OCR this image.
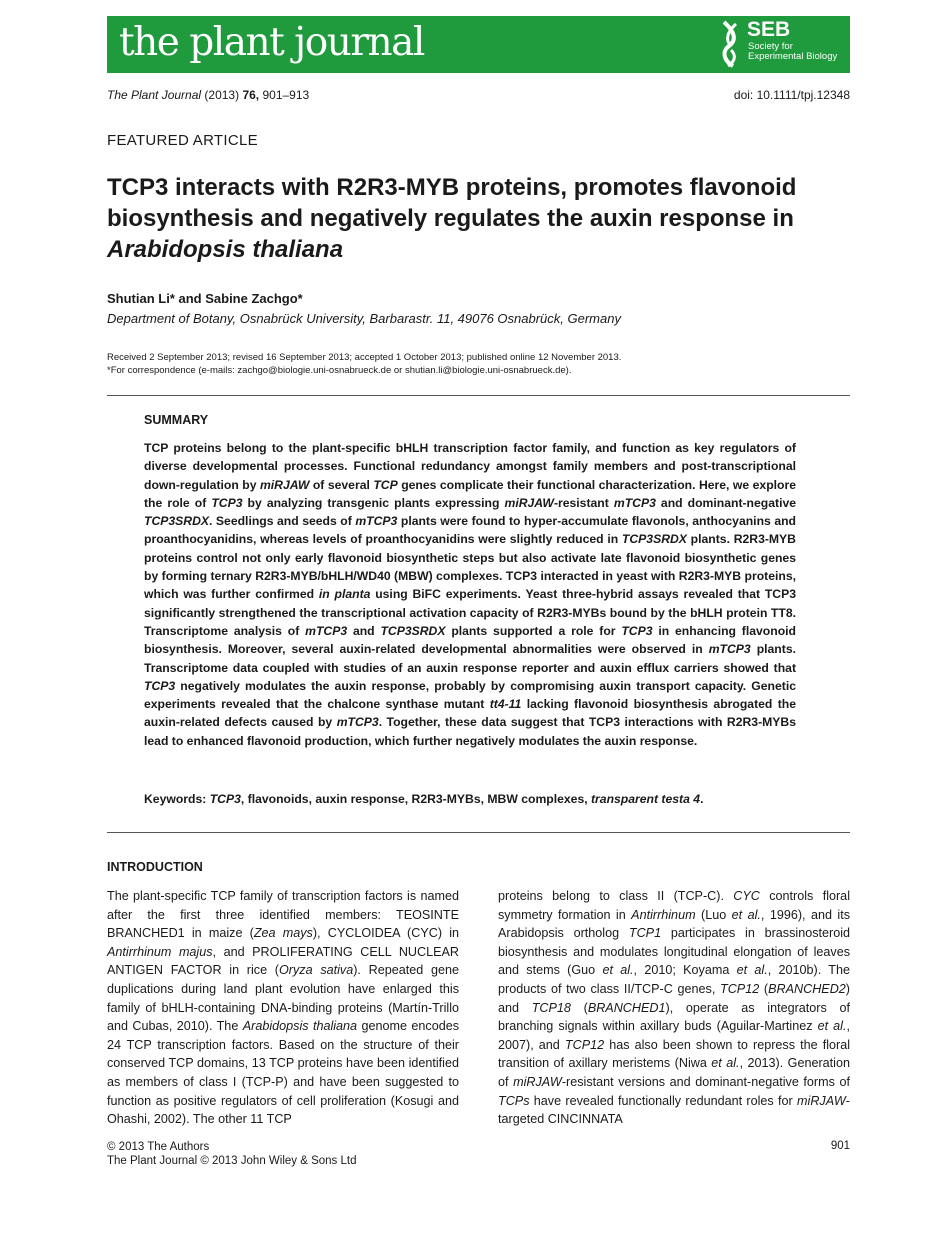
the plant journal	SEB
Society for
Experimental Biology
The Plant Journal (2013) 76, 901–913	doi: 10.1111/tpj.12348
FEATURED ARTICLE
TCP3 interacts with R2R3-MYB proteins, promotes flavonoid biosynthesis and negatively regulates the auxin response in Arabidopsis thaliana
Shutian Li* and Sabine Zachgo*
Department of Botany, Osnabrück University, Barbarastr. 11, 49076 Osnabrück, Germany
Received 2 September 2013; revised 16 September 2013; accepted 1 October 2013; published online 12 November 2013.
*For correspondence (e-mails: zachgo@biologie.uni-osnabrueck.de or shutian.li@biologie.uni-osnabrueck.de).
SUMMARY
TCP proteins belong to the plant-specific bHLH transcription factor family, and function as key regulators of diverse developmental processes. Functional redundancy amongst family members and post-transcriptional down-regulation by miRJAW of several TCP genes complicate their functional characterization. Here, we explore the role of TCP3 by analyzing transgenic plants expressing miRJAW-resistant mTCP3 and dominant-negative TCP3SRDX. Seedlings and seeds of mTCP3 plants were found to hyper-accumulate flavonols, anthocyanins and proanthocyanidins, whereas levels of proanthocyanidins were slightly reduced in TCP3SRDX plants. R2R3-MYB proteins control not only early flavonoid biosynthetic steps but also activate late flavonoid biosynthetic genes by forming ternary R2R3-MYB/bHLH/WD40 (MBW) complexes. TCP3 interacted in yeast with R2R3-MYB proteins, which was further confirmed in planta using BiFC experiments. Yeast three-hybrid assays revealed that TCP3 significantly strengthened the transcriptional activation capacity of R2R3-MYBs bound by the bHLH protein TT8. Transcriptome analysis of mTCP3 and TCP3SRDX plants supported a role for TCP3 in enhancing flavonoid biosynthesis. Moreover, several auxin-related developmental abnormalities were observed in mTCP3 plants. Transcriptome data coupled with studies of an auxin response reporter and auxin efflux carriers showed that TCP3 negatively modulates the auxin response, probably by compromising auxin transport capacity. Genetic experiments revealed that the chalcone synthase mutant tt4-11 lacking flavonoid biosynthesis abrogated the auxin-related defects caused by mTCP3. Together, these data suggest that TCP3 interactions with R2R3-MYBs lead to enhanced flavonoid production, which further negatively modulates the auxin response.
Keywords: TCP3, flavonoids, auxin response, R2R3-MYBs, MBW complexes, transparent testa 4.
INTRODUCTION
The plant-specific TCP family of transcription factors is named after the first three identified members: TEOSINTE BRANCHED1 in maize (Zea mays), CYCLOIDEA (CYC) in Antirrhinum majus, and PROLIFERATING CELL NUCLEAR ANTIGEN FACTOR in rice (Oryza sativa). Repeated gene duplications during land plant evolution have enlarged this family of bHLH-containing DNA-binding proteins (Martín-Trillo and Cubas, 2010). The Arabidopsis thaliana genome encodes 24 TCP transcription factors. Based on the structure of their conserved TCP domains, 13 TCP proteins have been identified as members of class I (TCP-P) and have been suggested to function as positive regulators of cell proliferation (Kosugi and Ohashi, 2002). The other 11 TCP
proteins belong to class II (TCP-C). CYC controls floral symmetry formation in Antirrhinum (Luo et al., 1996), and its Arabidopsis ortholog TCP1 participates in brassinosteroid biosynthesis and modulates longitudinal elongation of leaves and stems (Guo et al., 2010; Koyama et al., 2010b). The products of two class II/TCP-C genes, TCP12 (BRANCHED2) and TCP18 (BRANCHED1), operate as integrators of branching signals within axillary buds (Aguilar-Martinez et al., 2007), and TCP12 has also been shown to repress the floral transition of axillary meristems (Niwa et al., 2013). Generation of miRJAW-resistant versions and dominant-negative forms of TCPs have revealed functionally redundant roles for miRJAW-targeted CINCINNATA
© 2013 The Authors
The Plant Journal © 2013 John Wiley & Sons Ltd
901
